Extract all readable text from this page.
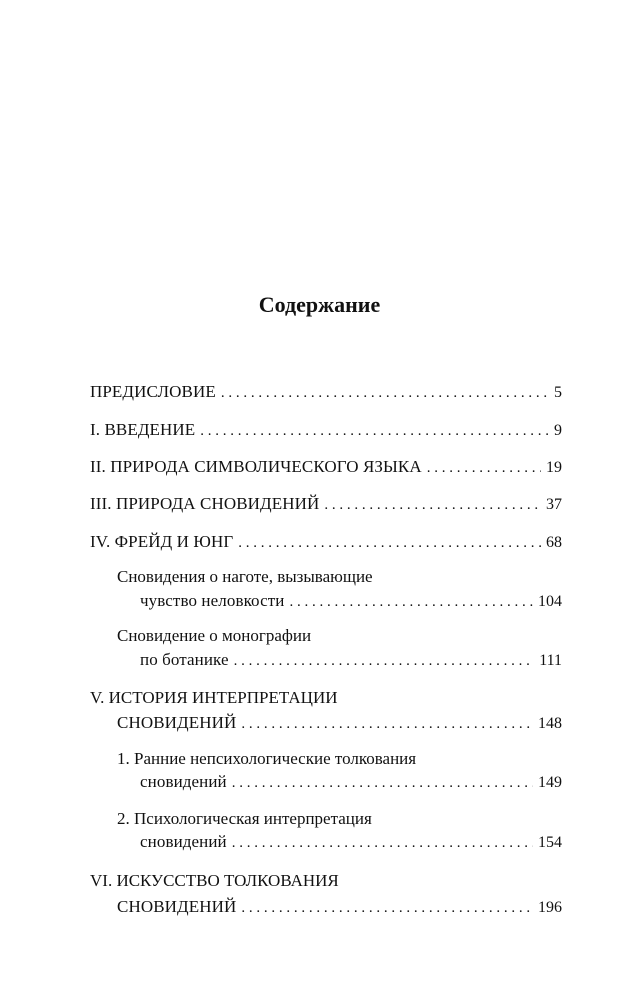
Содержание
ПРЕДИСЛОВИЕ . . .	5
I. ВВЕДЕНИЕ . . .	9
II. ПРИРОДА СИМВОЛИЧЕСКОГО ЯЗЫКА . . .	19
III. ПРИРОДА СНОВИДЕНИЙ . . .	37
IV. ФРЕЙД И ЮНГ . . .	68
Сновидения о наготе, вызывающие
чувство неловкости . . .	104
Сновидение о монографии
по ботанике . . .	111
V. ИСТОРИЯ ИНТЕРПРЕТАЦИИ
СНОВИДЕНИЙ . . .	148
1. Ранние непсихологические толкования
сновидений . . .	149
2. Психологическая интерпретация
сновидений . . .	154
VI. ИСКУССТВО ТОЛКОВАНИЯ
СНОВИДЕНИЙ . . .	196
